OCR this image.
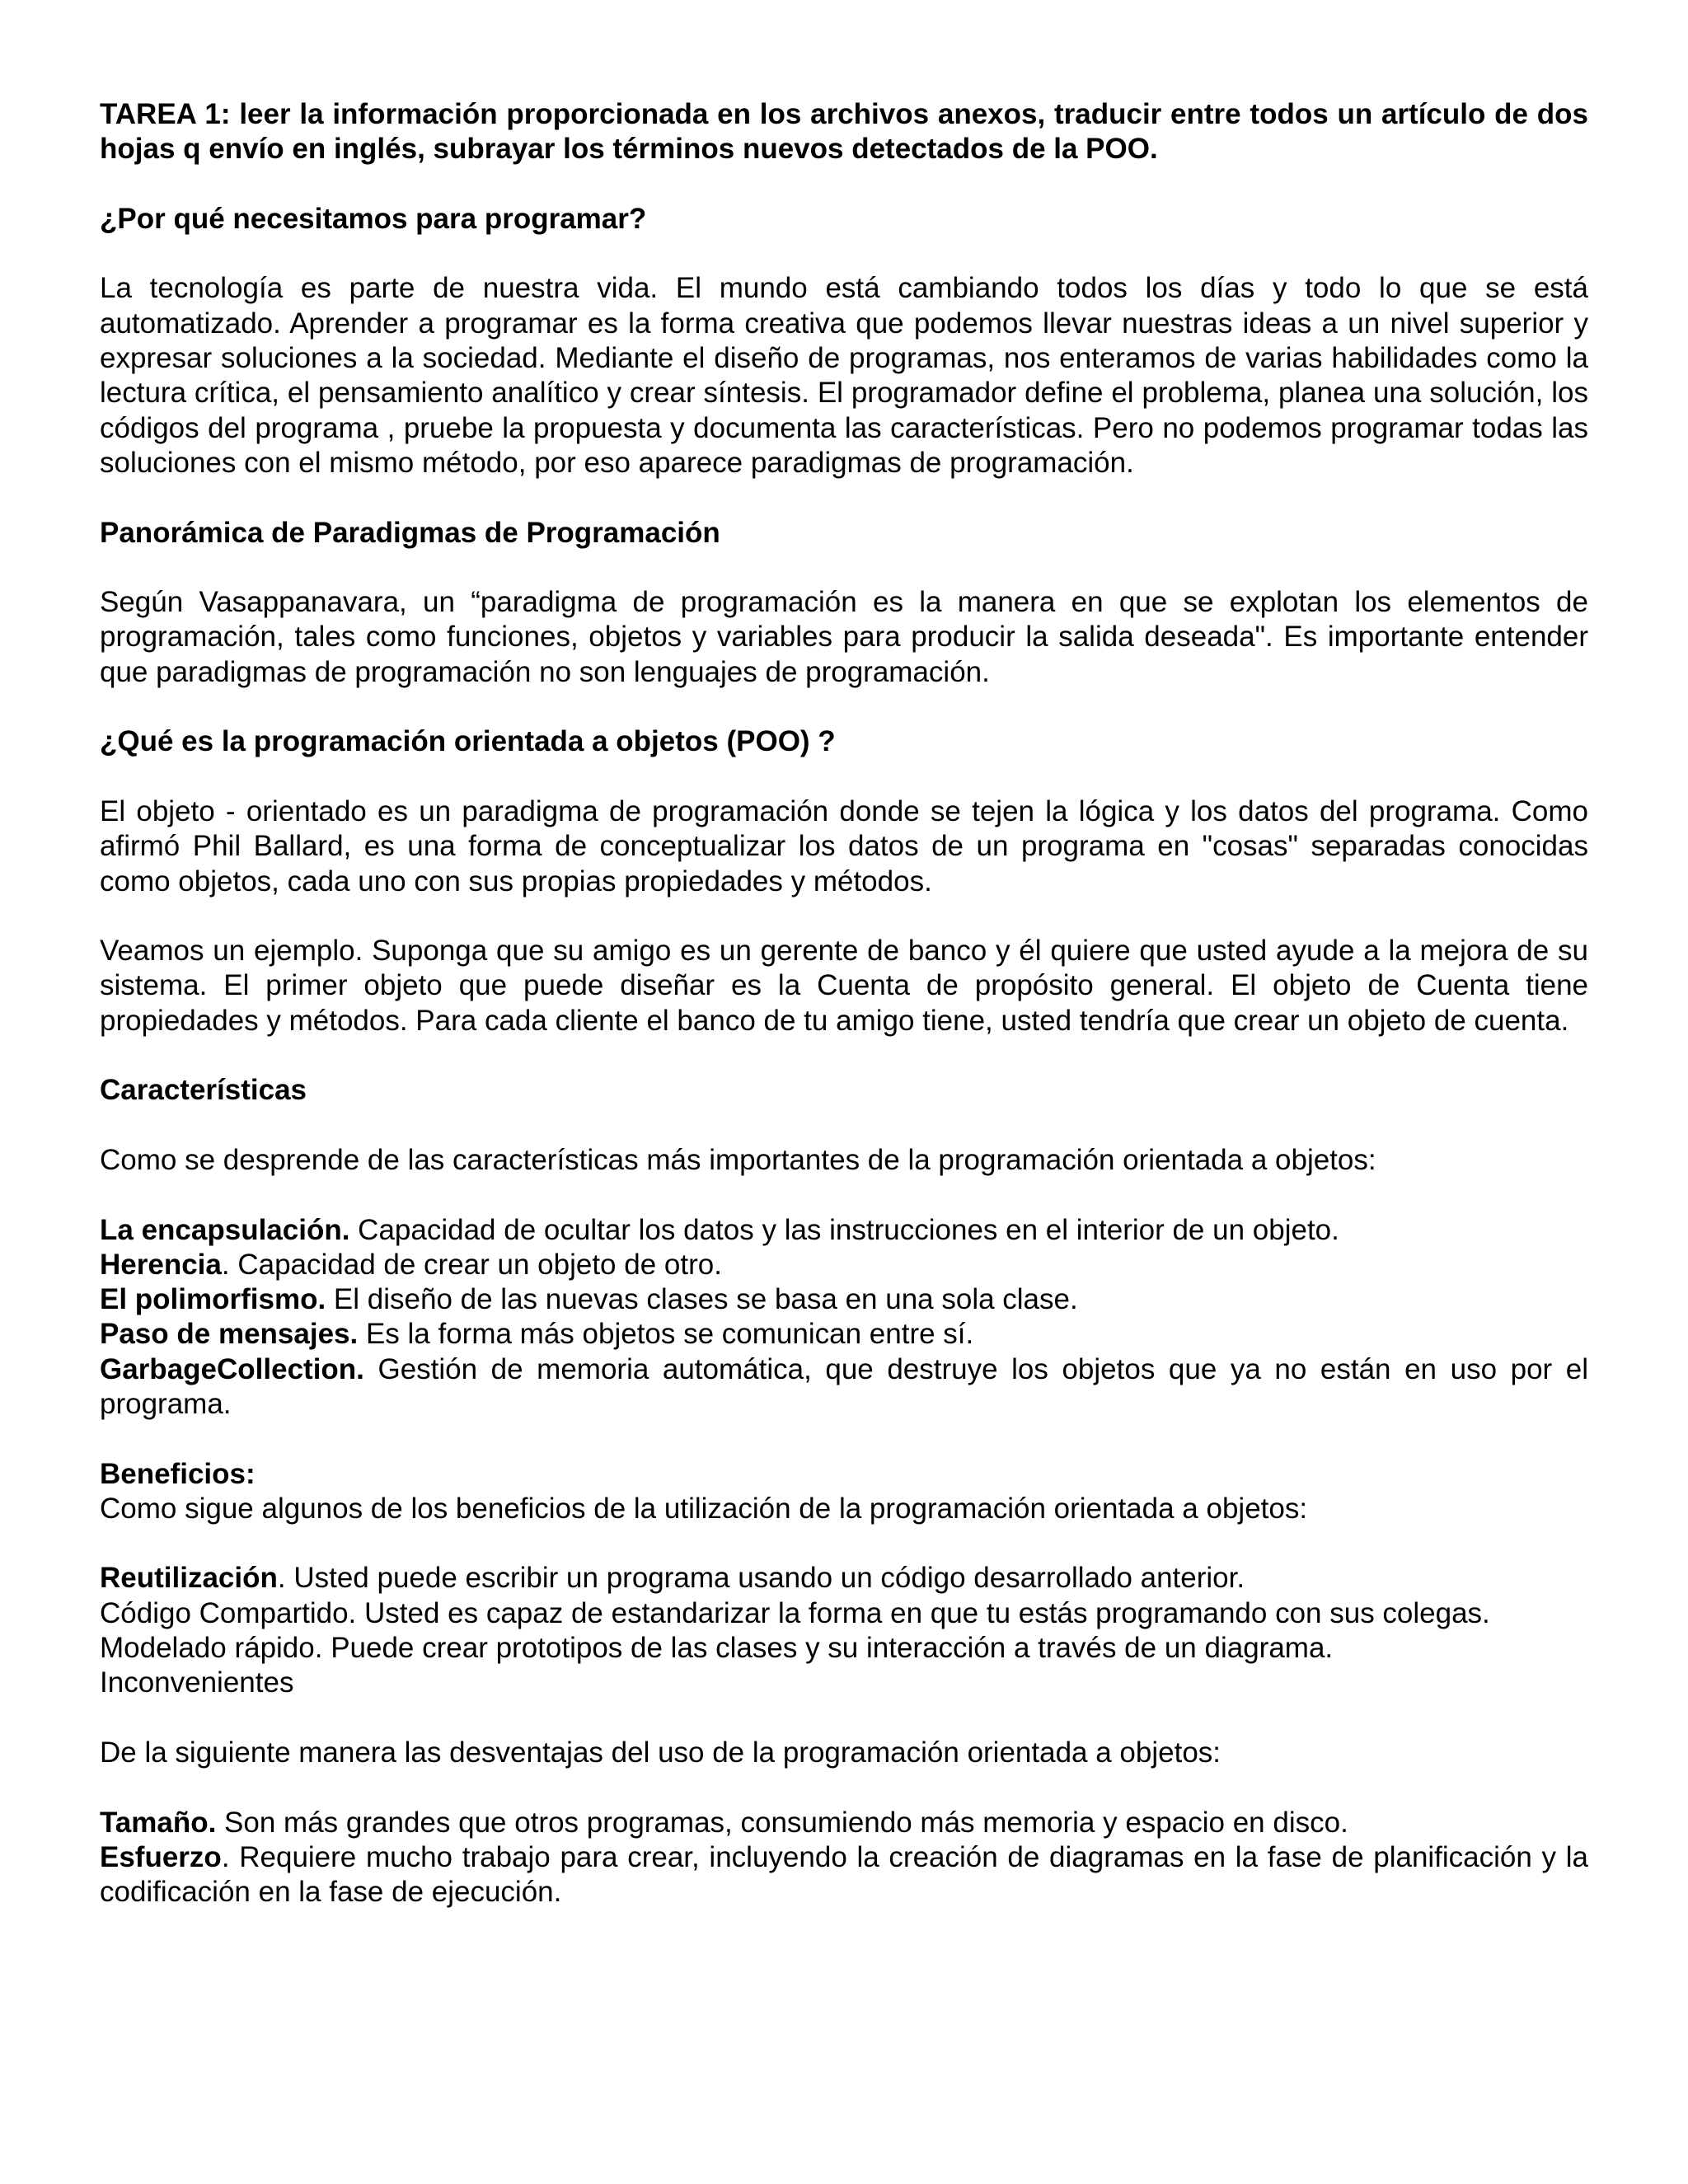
TAREA 1: leer la información proporcionada en los archivos anexos, traducir entre todos un artículo de dos hojas q envío en inglés, subrayar los términos nuevos detectados de la POO.

¿Por qué necesitamos para programar?

La tecnología es parte de nuestra vida. El mundo está cambiando todos los días y todo lo que se está automatizado. Aprender a programar es la forma creativa que podemos llevar nuestras ideas a un nivel superior y expresar soluciones a la sociedad. Mediante el diseño de programas, nos enteramos de varias habilidades como la lectura crítica, el pensamiento analítico y crear síntesis. El programador define el problema, planea una solución, los códigos del programa , pruebe la propuesta y documenta las características. Pero no podemos programar todas las soluciones con el mismo método, por eso aparece paradigmas de programación.

Panorámica de Paradigmas de Programación

Según Vasappanavara, un “paradigma de programación es la manera en que se explotan los elementos de programación, tales como funciones, objetos y variables para producir la salida deseada". Es importante entender que paradigmas de programación no son lenguajes de programación.

¿Qué es la programación orientada a objetos (POO) ?

El objeto - orientado es un paradigma de programación donde se tejen la lógica y los datos del programa. Como afirmó Phil Ballard, es una forma de conceptualizar los datos de un programa en "cosas" separadas conocidas como objetos, cada uno con sus propias propiedades y métodos.

Veamos un ejemplo. Suponga que su amigo es un gerente de banco y él quiere que usted ayude a la mejora de su sistema. El primer objeto que puede diseñar es la Cuenta de propósito general. El objeto de Cuenta tiene propiedades y métodos. Para cada cliente el banco de tu amigo tiene, usted tendría que crear un objeto de cuenta.

Características

Como se desprende de las características más importantes de la programación orientada a objetos:

La encapsulación. Capacidad de ocultar los datos y las instrucciones en el interior de un objeto.

Herencia. Capacidad de crear un objeto de otro.

El polimorfismo. El diseño de las nuevas clases se basa en una sola clase.

Paso de mensajes. Es la forma más objetos se comunican entre sí.

GarbageCollection. Gestión de memoria automática, que destruye los objetos que ya no están en uso por el programa.

Beneficios:

Como sigue algunos de los beneficios de la utilización de la programación orientada a objetos:

Reutilización. Usted puede escribir un programa usando un código desarrollado anterior.

Código Compartido. Usted es capaz de estandarizar la forma en que tu estás programando con sus colegas.

Modelado rápido. Puede crear prototipos de las clases y su interacción a través de un diagrama.

Inconvenientes

De la siguiente manera las desventajas del uso de la programación orientada a objetos:

Tamaño. Son más grandes que otros programas, consumiendo más memoria y espacio en disco.

Esfuerzo. Requiere mucho trabajo para crear, incluyendo la creación de diagramas en la fase de planificación y la codificación en la fase de ejecución.
